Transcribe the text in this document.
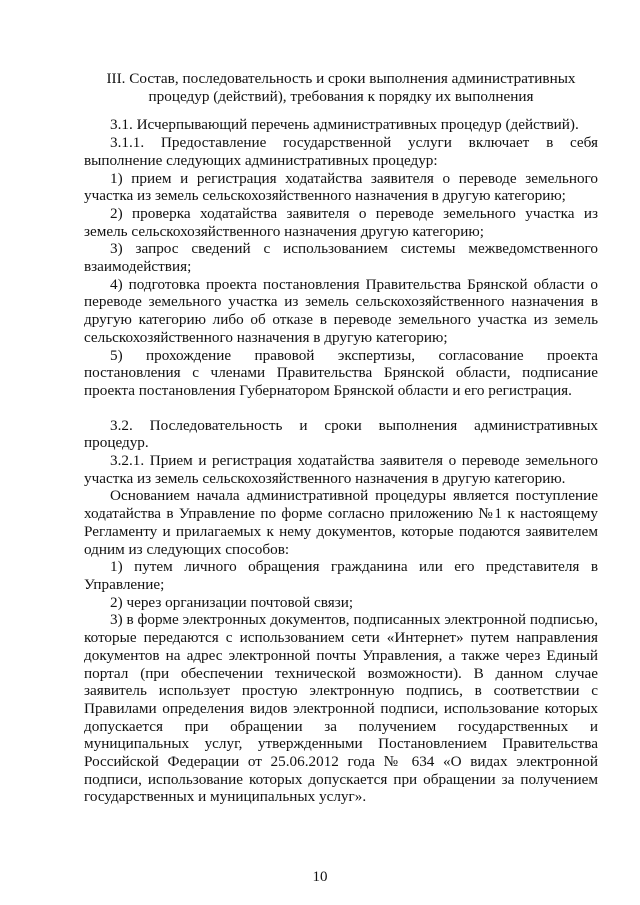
III. Состав, последовательность и сроки выполнения административных
процедур (действий), требования к порядку их выполнения

3.1. Исчерпывающий перечень административных процедур (действий).

3.1.1. Предоставление государственной услуги включает в себя выполнение следующих административных процедур:

1) прием и регистрация ходатайства заявителя о переводе земельного участка из земель сельскохозяйственного назначения в другую категорию;

2) проверка ходатайства заявителя о переводе земельного участка из земель сельскохозяйственного назначения другую категорию;

3) запрос сведений с использованием системы межведомственного взаимодействия;

4) подготовка проекта постановления Правительства Брянской области о переводе земельного участка из земель сельскохозяйственного назначения в другую категорию либо об отказе в переводе земельного участка из земель сельскохозяйственного назначения в другую категорию;

5) прохождение правовой экспертизы, согласование проекта постановления с членами Правительства Брянской области, подписание проекта постановления Губернатором Брянской области и его регистрация.

3.2. Последовательность и сроки выполнения административных процедур.

3.2.1. Прием и регистрация ходатайства заявителя о переводе земельного участка из земель сельскохозяйственного назначения в другую категорию.

Основанием начала административной процедуры является поступление ходатайства в Управление по форме согласно приложению №1 к настоящему Регламенту и прилагаемых к нему документов, которые подаются заявителем одним из следующих способов:

1) путем личного обращения гражданина или его представителя в Управление;

2) через организации почтовой связи;

3) в форме электронных документов, подписанных электронной подписью, которые передаются с использованием сети «Интернет» путем направления документов на адрес электронной почты Управления, а также через Единый портал (при обеспечении технической возможности). В данном случае заявитель использует простую электронную подпись, в соответствии с Правилами определения видов электронной подписи, использование которых допускается при обращении за получением государственных и муниципальных услуг, утвержденными Постановлением Правительства Российской Федерации от 25.06.2012 года № 634 «О видах электронной подписи, использование которых допускается при обращении за получением государственных и муниципальных услуг».

10
